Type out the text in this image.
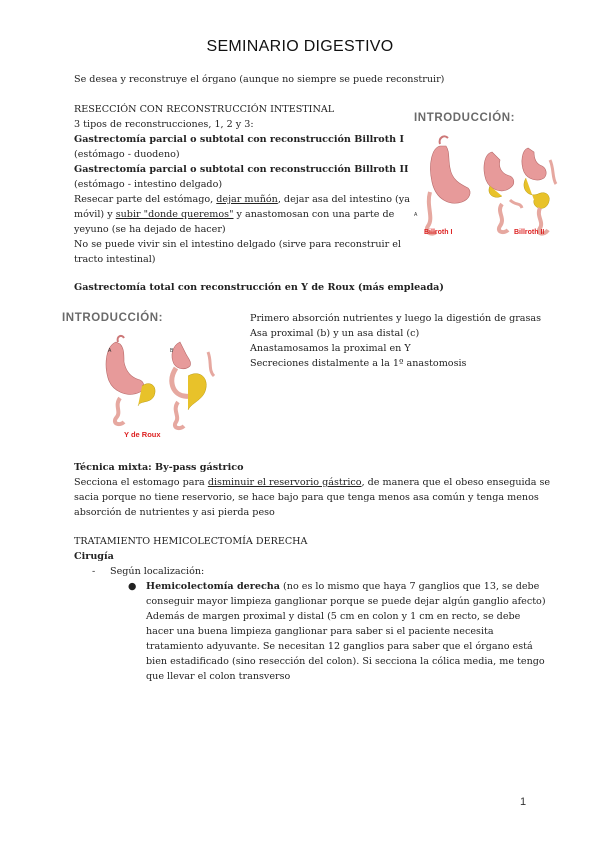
SEMINARIO DIGESTIVO
Se desea y reconstruye el órgano (aunque no siempre se puede reconstruir)
RESECCIÓN CON RECONSTRUCCIÓN INTESTINAL
3 tipos de reconstrucciones, 1, 2 y 3:
Gastrectomía parcial o subtotal con reconstrucción Billroth I
(estómago - duodeno)
Gastrectomía parcial o subtotal con reconstrucción Billroth II
(estómago - intestino delgado)
Resecar parte del estómago, dejar muñón, dejar asa del intestino (ya
móvil) y subir "donde queremos" y anastomosan con una parte de
yeyuno (se ha dejado de hacer)
No se puede vivir sin el intestino delgado (sirve para reconstruir el
tracto intestinal)
Gastrectomía total con reconstrucción en Y de Roux (más empleada)
INTRODUCCIÓN:
A
Billroth I	Billroth II
INTRODUCCIÓN:
A	B
Y de Roux
Primero absorción nutrientes y luego la digestión de grasas
Asa proximal (b) y un asa distal (c)
Anastamosamos la proximal en Y
Secreciones distalmente a la 1º anastomosis
Técnica mixta: By-pass gástrico
Secciona el estomago para disminuir el reservorio gástrico, de manera que el obeso enseguida se
sacia porque no tiene reservorio, se hace bajo para que tenga menos asa común y tenga menos
absorción de nutrientes y asi pierda peso
TRATAMIENTO HEMICOLECTOMÍA DERECHA
Cirugía
- Según localización:
● Hemicolectomía derecha (no es lo mismo que haya 7 ganglios que 13, se debe
conseguir mayor limpieza ganglionar porque se puede dejar algún ganglio afecto)
Además de margen proximal y distal (5 cm en colon y 1 cm en recto, se debe
hacer una buena limpieza ganglionar para saber si el paciente necesita
tratamiento adyuvante. Se necesitan 12 ganglios para saber que el órgano está
bien estadificado (sino resección del colon). Si secciona la cólica media, me tengo
que llevar el colon transverso
1
